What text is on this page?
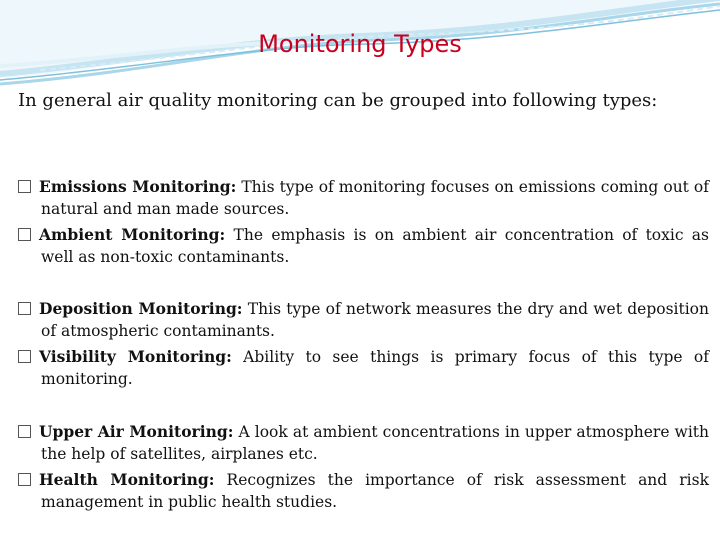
Monitoring Types
In general air quality monitoring can be grouped into following types:
Emissions Monitoring: This type of monitoring focuses on emissions coming out of natural and man made sources.
Ambient Monitoring: The emphasis is on ambient air concentration of toxic as well as non-toxic contaminants.
Deposition Monitoring: This type of network measures the dry and wet deposition of atmospheric contaminants.
Visibility Monitoring: Ability to see things is primary focus of this type of monitoring.
Upper Air Monitoring: A look at ambient concentrations in upper atmosphere with the help of satellites, airplanes etc.
Health Monitoring: Recognizes the importance of risk assessment and risk management in public health studies.
